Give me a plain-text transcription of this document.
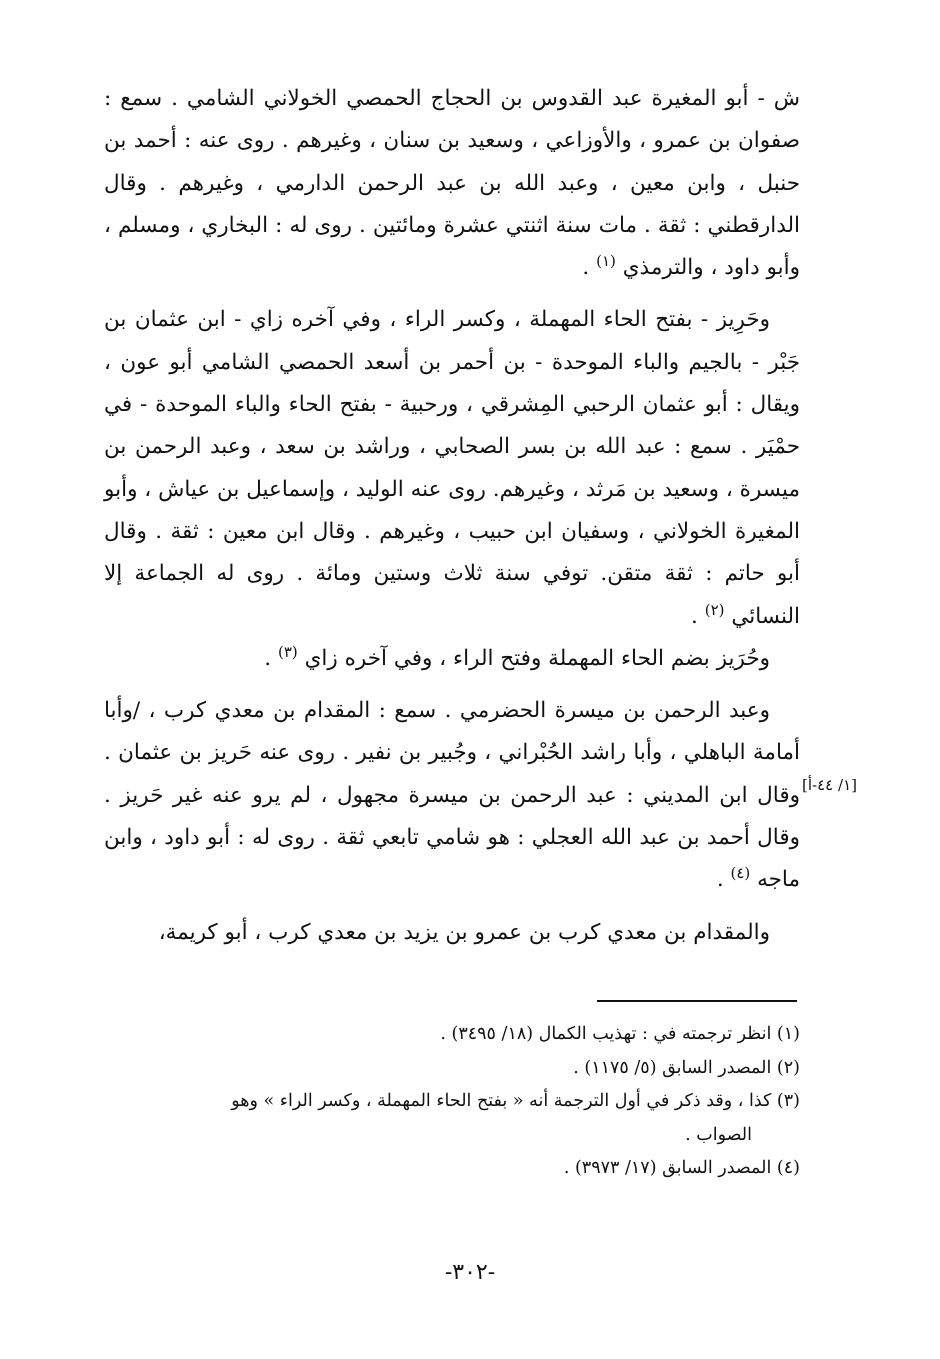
ش - أبو المغيرة عبد القدوس بن الحجاج الحمصي الخولاني الشامي . سمع : صفوان بن عمرو ، والأوزاعي ، وسعيد بن سنان ، وغيرهم . روى عنه : أحمد بن حنبل ، وابن معين ، وعبد الله بن عبد الرحمن الدارمي ، وغيرهم . وقال الدارقطني : ثقة . مات سنة اثنتي عشرة ومائتين . روى له : البخاري ، ومسلم ، وأبو داود ، والترمذي $^{(١)}$ .

وحَرِيز - بفتح الحاء المهملة ، وكسر الراء ، وفي آخره زاي - ابن عثمان بن جَبْر - بالجيم والباء الموحدة - بن أحمر بن أسعد الحمصي الشامي أبو عون ، ويقال : أبو عثمان الرحبي المِشرقي ، ورحبية - بفتح الحاء والباء الموحدة - في حمْيَر . سمع : عبد الله بن بسر الصحابي ، وراشد بن سعد ، وعبد الرحمن بن ميسرة ، وسعيد بن مَرثد ، وغيرهم. روى عنه الوليد ، وإسماعيل بن عياش ، وأبو المغيرة الخولاني ، وسفيان ابن حبيب ، وغيرهم . وقال ابن معين : ثقة . وقال أبو حاتم : ثقة متقن. توفي سنة ثلاث وستين ومائة . روى له الجماعة إلا النسائي $^{(٢)}$ .

وحُرَيز بضم الحاء المهملة وفتح الراء ، وفي آخره زاي $^{(٣)}$ .

وعبد الرحمن بن ميسرة الحضرمي . سمع : المقدام بن معدي كرب ، /وأبا أمامة الباهلي ، وأبا راشد الحُبْراني ، وجُبير بن نفير . روى عنه حَريز بن عثمان . وقال ابن المديني : عبد الرحمن بن ميسرة مجهول ، لم يرو عنه غير حَريز . وقال أحمد بن عبد الله العجلي : هو شامي تابعي ثقة . روى له : أبو داود ، وابن ماجه $^{(٤)}$ .

والمقدام بن معدي كرب بن عمرو بن يزيد بن معدي كرب ، أبو كريمة،

[١/ ٤٤-أ]

(١) انظر ترجمته في : تهذيب الكمال (١٨/ ٣٤٩٥) .

(٢) المصدر السابق (٥/ ١١٧٥) .

(٣) كذا ، وقد ذكر في أول الترجمة أنه « بفتح الحاء المهملة ، وكسر الراء » وهو

الصواب .

(٤) المصدر السابق (١٧/ ٣٩٧٣) .

-٣٠٢-
